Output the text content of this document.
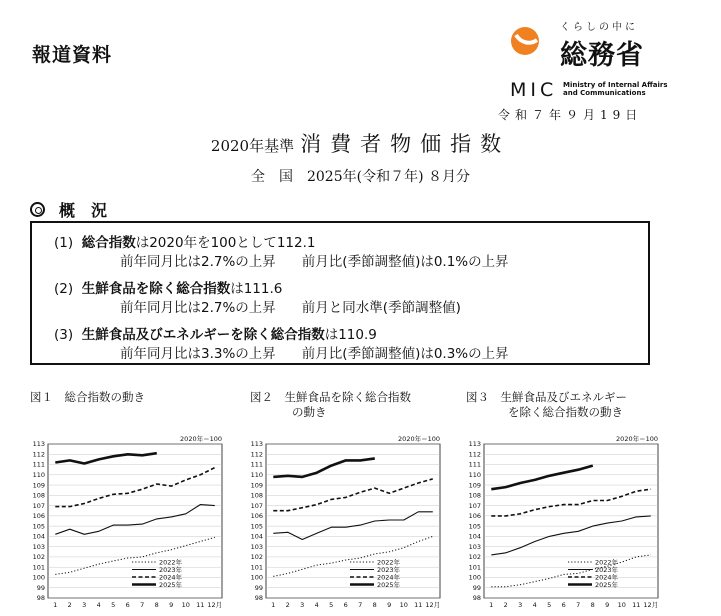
報道資料
くらしの中に
総務省
MIC Ministry of Internal Affairs
and Communications
令和７年９月19日
2020年基準 消費者物価指数
全　国　2025年(令和７年) ８月分
概　況
(1) 総合指数は2020年を100として112.1
前年同月比は2.7%の上昇 前月比(季節調整値)は0.1%の上昇
(2) 生鮮食品を除く総合指数は111.6
前年同月比は2.7%の上昇 前月と同水準(季節調整値)
(3) 生鮮食品及びエネルギーを除く総合指数は110.9
前年同月比は3.3%の上昇 前月比(季節調整値)は0.3%の上昇
図１　総合指数の動き	図２　生鮮食品を除く総合指数
の動き
図３　生鮮食品及びエネルギー
を除く総合指数の動き
2020年＝100
98
99
100
101
102
103
104
105
106
107
108
109
110
111
112
113
1 2 3 4 5 6 7 8 9 10 11 12月
2022年
2023年
2024年
2025年
2020年＝100
98
99
100
101
102
103
104
105
106
107
108
109
110
111
112
113
1 2 3 4 5 6 7 8 9 10 11 12月
2022年
2023年
2024年
2025年
2020年＝100
98
99
100
101
102
103
104
105
106
107
108
109
110
111
112
113
1 2 3 4 5 6 7 8 9 10 11 12月
2022年
2023年
2024年
2025年
